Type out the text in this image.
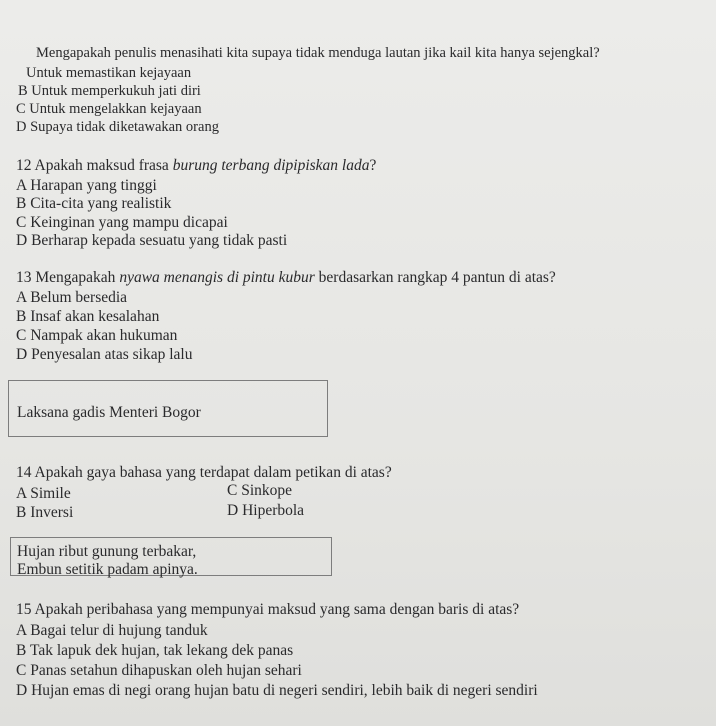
Mengapakah penulis menasihati kita supaya tidak menduga lautan jika kail kita hanya sejengkal?
Untuk memastikan kejayaan
B Untuk memperkukuh jati diri
C Untuk mengelakkan kejayaan
D Supaya tidak diketawakan orang
12 Apakah maksud frasa burung terbang dipipiskan lada?
A Harapan yang tinggi
B Cita-cita yang realistik
C Keinginan yang mampu dicapai
D Berharap kepada sesuatu yang tidak pasti
13 Mengapakah nyawa menangis di pintu kubur berdasarkan rangkap 4 pantun di atas?
A Belum bersedia
B Insaf akan kesalahan
C Nampak akan hukuman
D Penyesalan atas sikap lalu
Laksana gadis Menteri Bogor
14 Apakah gaya bahasa yang terdapat dalam petikan di atas?
A Simile	C Sinkope
B Inversi	D Hiperbola
Hujan ribut gunung terbakar,
Embun setitik padam apinya.
15 Apakah peribahasa yang mempunyai maksud yang sama dengan baris di atas?
A Bagai telur di hujung tanduk
B Tak lapuk dek hujan, tak lekang dek panas
C Panas setahun dihapuskan oleh hujan sehari
D Hujan emas di negi orang hujan batu di negeri sendiri, lebih baik di negeri sendiri
